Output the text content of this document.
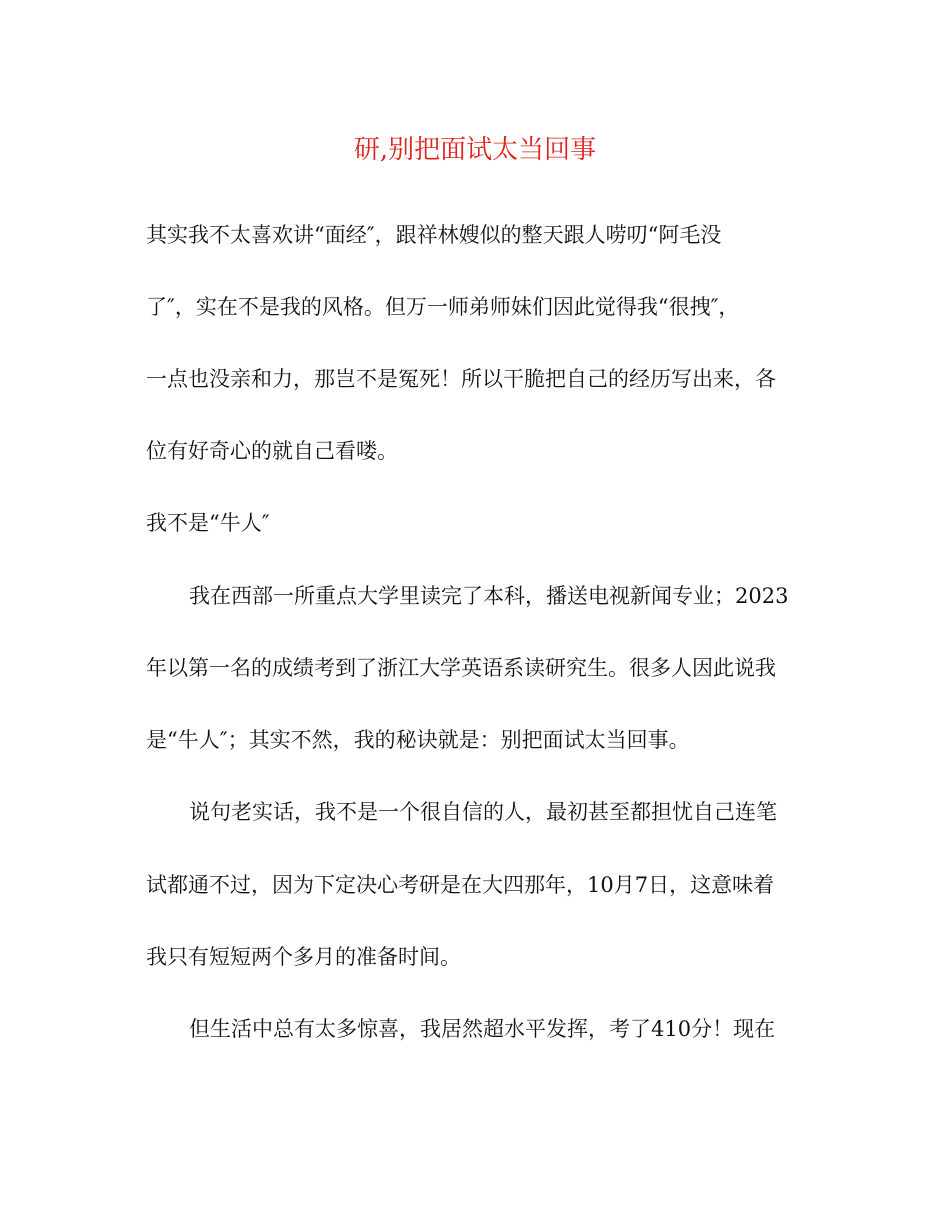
研,别把面试太当回事
其实我不太喜欢讲“面经″，跟祥林嫂似的整天跟人唠叨“阿毛没
了″，实在不是我的风格。但万一师弟师妹们因此觉得我“很拽″，
一点也没亲和力，那岂不是冤死！所以干脆把自己的经历写出来，各
位有好奇心的就自己看喽。
我不是“牛人″
我在西部一所重点大学里读完了本科，播送电视新闻专业；2023
年以第一名的成绩考到了浙江大学英语系读研究生。很多人因此说我
是“牛人″；其实不然，我的秘诀就是：别把面试太当回事。
说句老实话，我不是一个很自信的人，最初甚至都担忧自己连笔
试都通不过，因为下定决心考研是在大四那年，10月7日，这意味着
我只有短短两个多月的准备时间。
但生活中总有太多惊喜，我居然超水平发挥，考了410分！现在
